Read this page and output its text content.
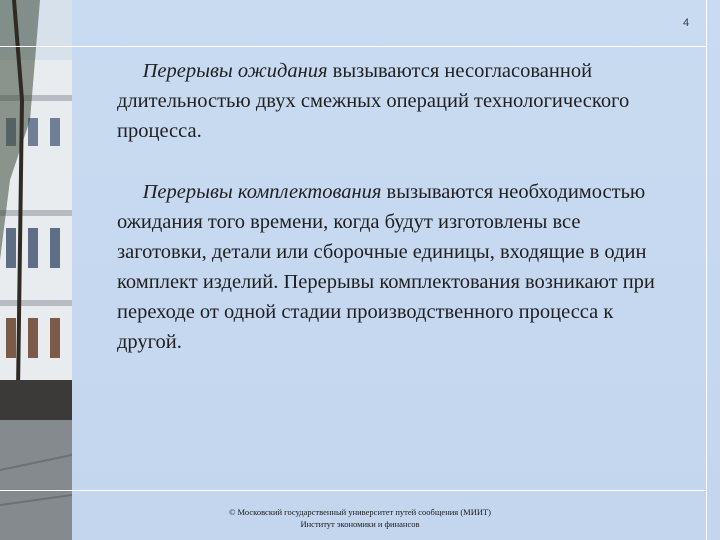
4

  Перерывы ожидания вызываются несогласованной длительностью двух смежных операций технологического процесса.

  Перерывы комплектования вызываются необходимостью ожидания того времени, когда будут изготовлены все заготовки, детали или сборочные единицы, входящие в один комплект изделий. Перерывы комплектования возникают при переходе от одной стадии производственного процесса к другой.

© Московский государственный университет путей сообщения (МИИТ)
Институт экономики и финансов
